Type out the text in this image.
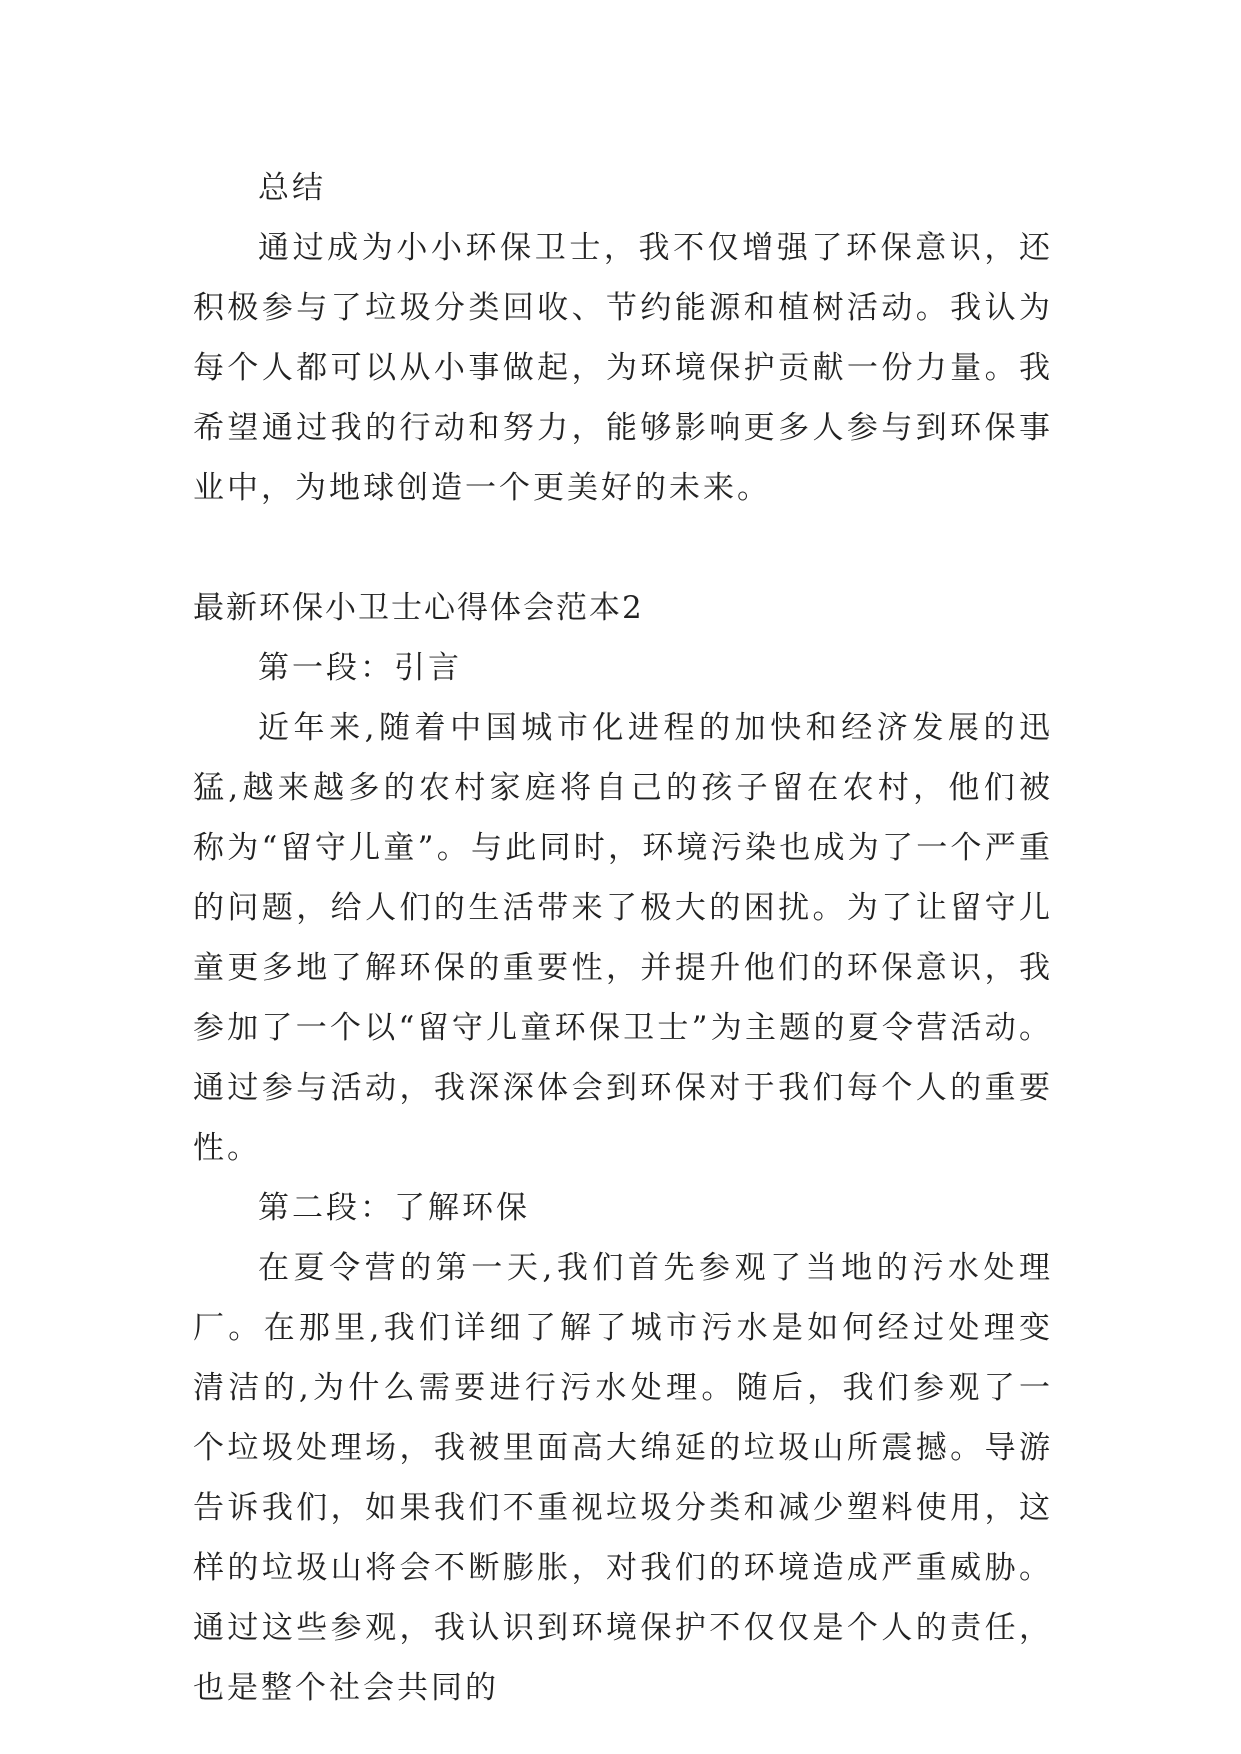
总结

通过成为小小环保卫士，我不仅增强了环保意识，还积极参与了垃圾分类回收、节约能源和植树活动。我认为每个人都可以从小事做起，为环境保护贡献一份力量。我希望通过我的行动和努力，能够影响更多人参与到环保事业中，为地球创造一个更美好的未来。

最新环保小卫士心得体会范本2

第一段：引言

近年来,随着中国城市化进程的加快和经济发展的迅猛,越来越多的农村家庭将自己的孩子留在农村，他们被称为“留守儿童”。与此同时，环境污染也成为了一个严重的问题，给人们的生活带来了极大的困扰。为了让留守儿童更多地了解环保的重要性，并提升他们的环保意识，我参加了一个以“留守儿童环保卫士”为主题的夏令营活动。通过参与活动，我深深体会到环保对于我们每个人的重要性。

第二段：了解环保

在夏令营的第一天,我们首先参观了当地的污水处理厂。在那里,我们详细了解了城市污水是如何经过处理变清洁的,为什么需要进行污水处理。随后，我们参观了一个垃圾处理场，我被里面高大绵延的垃圾山所震撼。导游告诉我们，如果我们不重视垃圾分类和减少塑料使用，这样的垃圾山将会不断膨胀，对我们的环境造成严重威胁。通过这些参观，我认识到环境保护不仅仅是个人的责任，也是整个社会共同的
